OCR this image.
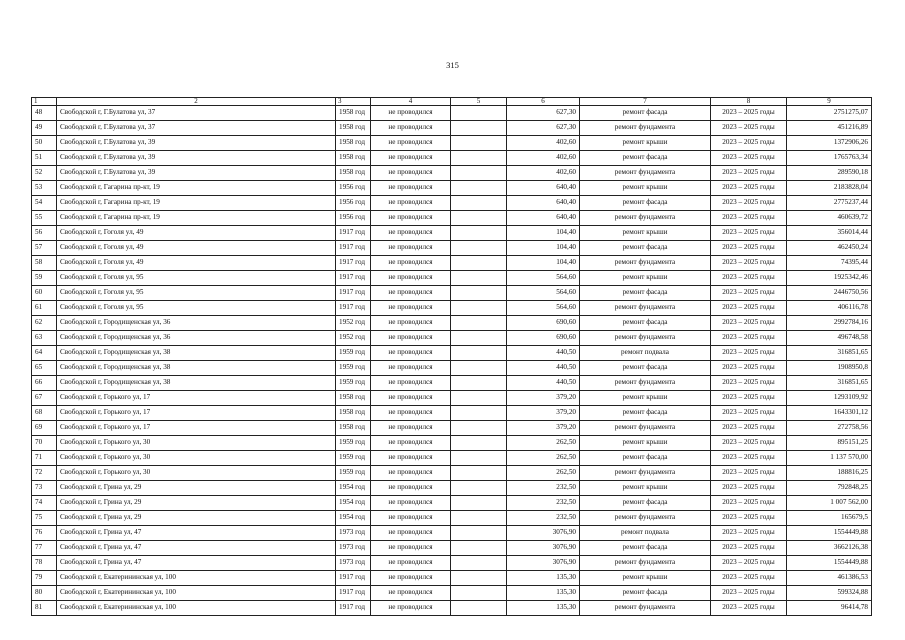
315
1	2	3	4	5	6	7	8	9
48	Свободской г, Г.Булатова ул, 37	1958 год	не проводился		627,30	ремонт фасада	2023 – 2025 годы	2751275,07
49	Свободской г, Г.Булатова ул, 37	1958 год	не проводился		627,30	ремонт фундамента	2023 – 2025 годы	451216,89
50	Свободской г, Г.Булатова ул, 39	1958 год	не проводился		402,60	ремонт крыши	2023 – 2025 годы	1372906,26
51	Свободской г, Г.Булатова ул, 39	1958 год	не проводился		402,60	ремонт фасада	2023 – 2025 годы	1765763,34
52	Свободской г, Г.Булатова ул, 39	1958 год	не проводился		402,60	ремонт фундамента	2023 – 2025 годы	289590,18
53	Свободской г, Гагарина пр-кт, 19	1956 год	не проводился		640,40	ремонт крыши	2023 – 2025 годы	2183828,04
54	Свободской г, Гагарина пр-кт, 19	1956 год	не проводился		640,40	ремонт фасада	2023 – 2025 годы	2775237,44
55	Свободской г, Гагарина пр-кт, 19	1956 год	не проводился		640,40	ремонт фундамента	2023 – 2025 годы	460639,72
56	Свободской г, Гоголя ул, 49	1917 год	не проводился		104,40	ремонт крыши	2023 – 2025 годы	356014,44
57	Свободской г, Гоголя ул, 49	1917 год	не проводился		104,40	ремонт фасада	2023 – 2025 годы	462450,24
58	Свободской г, Гоголя ул, 49	1917 год	не проводился		104,40	ремонт фундамента	2023 – 2025 годы	74395,44
59	Свободской г, Гоголя ул, 95	1917 год	не проводился		564,60	ремонт крыши	2023 – 2025 годы	1925342,46
60	Свободской г, Гоголя ул, 95	1917 год	не проводился		564,60	ремонт фасада	2023 – 2025 годы	2446750,56
61	Свободской г, Гоголя ул, 95	1917 год	не проводился		564,60	ремонт фундамента	2023 – 2025 годы	406116,78
62	Свободской г, Городищенская ул, 36	1952 год	не проводился		690,60	ремонт фасада	2023 – 2025 годы	2992784,16
63	Свободской г, Городищенская ул, 36	1952 год	не проводился		690,60	ремонт фундамента	2023 – 2025 годы	496748,58
64	Свободской г, Городищенская ул, 38	1959 год	не проводился		440,50	ремонт подвала	2023 – 2025 годы	316851,65
65	Свободской г, Городищенская ул, 38	1959 год	не проводился		440,50	ремонт фасада	2023 – 2025 годы	1908950,8
66	Свободской г, Городищенская ул, 38	1959 год	не проводился		440,50	ремонт фундамента	2023 – 2025 годы	316851,65
67	Свободской г, Горького ул, 17	1958 год	не проводился		379,20	ремонт крыши	2023 – 2025 годы	1293109,92
68	Свободской г, Горького ул, 17	1958 год	не проводился		379,20	ремонт фасада	2023 – 2025 годы	1643301,12
69	Свободской г, Горького ул, 17	1958 год	не проводился		379,20	ремонт фундамента	2023 – 2025 годы	272758,56
70	Свободской г, Горького ул, 30	1959 год	не проводился		262,50	ремонт крыши	2023 – 2025 годы	895151,25
71	Свободской г, Горького ул, 30	1959 год	не проводился		262,50	ремонт фасада	2023 – 2025 годы	1 137 570,00
72	Свободской г, Горького ул, 30	1959 год	не проводился		262,50	ремонт фундамента	2023 – 2025 годы	188816,25
73	Свободской г, Грина ул, 29	1954 год	не проводился		232,50	ремонт крыши	2023 – 2025 годы	792848,25
74	Свободской г, Грина ул, 29	1954 год	не проводился		232,50	ремонт фасада	2023 – 2025 годы	1 007 562,00
75	Свободской г, Грина ул, 29	1954 год	не проводился		232,50	ремонт фундамента	2023 – 2025 годы	165679,5
76	Свободской г, Грина ул, 47	1973 год	не проводился		3076,90	ремонт подвала	2023 – 2025 годы	1554449,88
77	Свободской г, Грина ул, 47	1973 год	не проводился		3076,90	ремонт фасада	2023 – 2025 годы	3662126,38
78	Свободской г, Грина ул, 47	1973 год	не проводился		3076,90	ремонт фундамента	2023 – 2025 годы	1554449,88
79	Свободской г, Екатерининская ул, 100	1917 год	не проводился		135,30	ремонт крыши	2023 – 2025 годы	461386,53
80	Свободской г, Екатерининская ул, 100	1917 год	не проводился		135,30	ремонт фасада	2023 – 2025 годы	599324,88
81	Свободской г, Екатерининская ул, 100	1917 год	не проводился		135,30	ремонт фундамента	2023 – 2025 годы	96414,78
